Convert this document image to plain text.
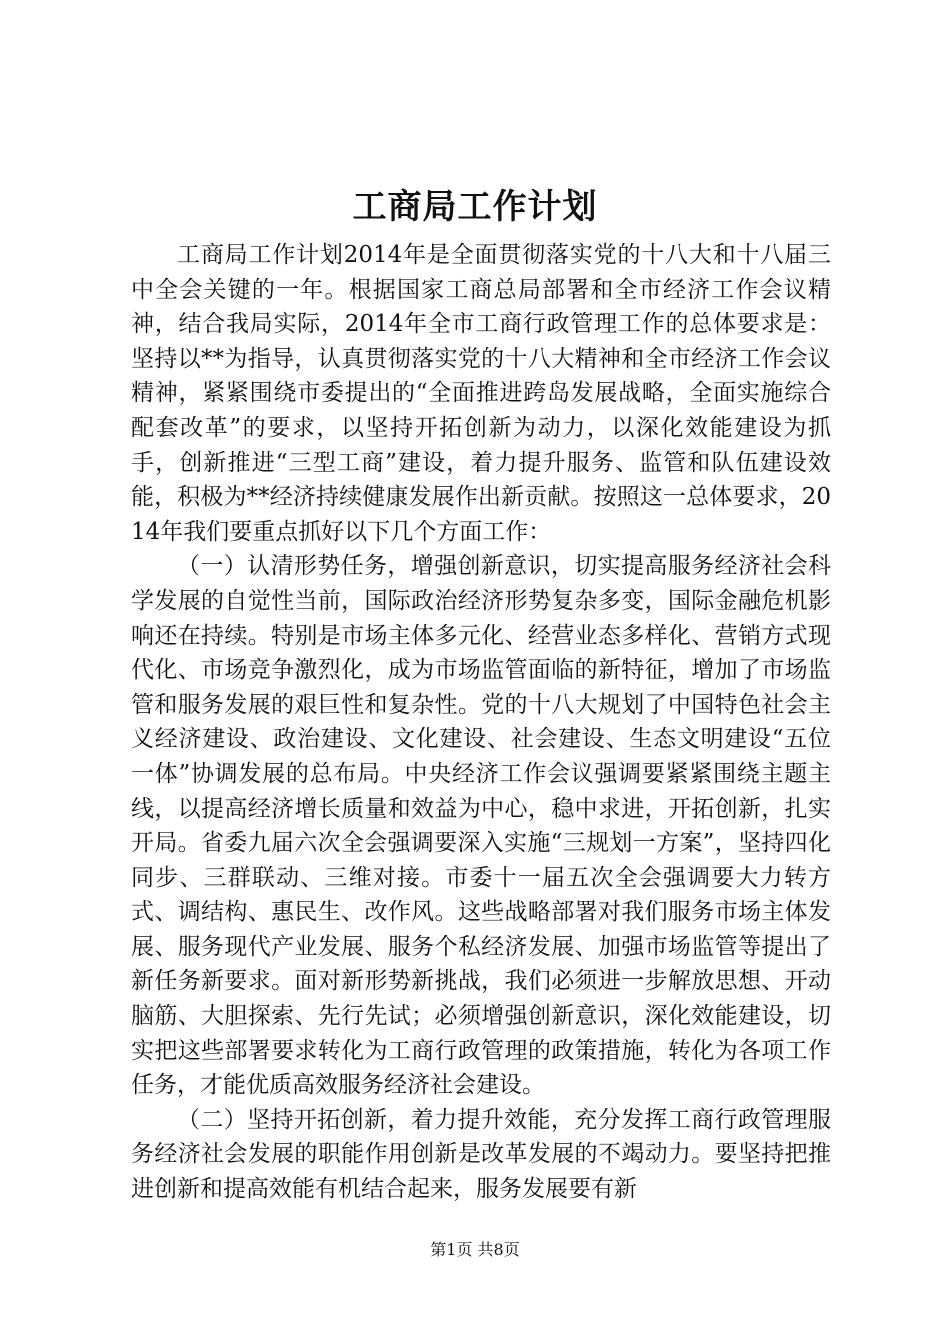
工商局工作计划

工商局工作计划2014年是全面贯彻落实党的十八大和十八届三中全会关键的一年。根据国家工商总局部署和全市经济工作会议精神，结合我局实际，2014年全市工商行政管理工作的总体要求是：坚持以**为指导，认真贯彻落实党的十八大精神和全市经济工作会议精神，紧紧围绕市委提出的“全面推进跨岛发展战略，全面实施综合配套改革”的要求，以坚持开拓创新为动力，以深化效能建设为抓手，创新推进“三型工商”建设，着力提升服务、监管和队伍建设效能，积极为**经济持续健康发展作出新贡献。按照这一总体要求，2014年我们要重点抓好以下几个方面工作：

（一）认清形势任务，增强创新意识，切实提高服务经济社会科学发展的自觉性当前，国际政治经济形势复杂多变，国际金融危机影响还在持续。特别是市场主体多元化、经营业态多样化、营销方式现代化、市场竞争激烈化，成为市场监管面临的新特征，增加了市场监管和服务发展的艰巨性和复杂性。党的十八大规划了中国特色社会主义经济建设、政治建设、文化建设、社会建设、生态文明建设“五位一体”协调发展的总布局。中央经济工作会议强调要紧紧围绕主题主线，以提高经济增长质量和效益为中心，稳中求进，开拓创新，扎实开局。省委九届六次全会强调要深入实施“三规划一方案”，坚持四化同步、三群联动、三维对接。市委十一届五次全会强调要大力转方式、调结构、惠民生、改作风。这些战略部署对我们服务市场主体发展、服务现代产业发展、服务个私经济发展、加强市场监管等提出了新任务新要求。面对新形势新挑战，我们必须进一步解放思想、开动脑筋、大胆探索、先行先试；必须增强创新意识，深化效能建设，切实把这些部署要求转化为工商行政管理的政策措施，转化为各项工作任务，才能优质高效服务经济社会建设。

（二）坚持开拓创新，着力提升效能，充分发挥工商行政管理服务经济社会发展的职能作用创新是改革发展的不竭动力。要坚持把推进创新和提高效能有机结合起来，服务发展要有新

第1页 共8页
